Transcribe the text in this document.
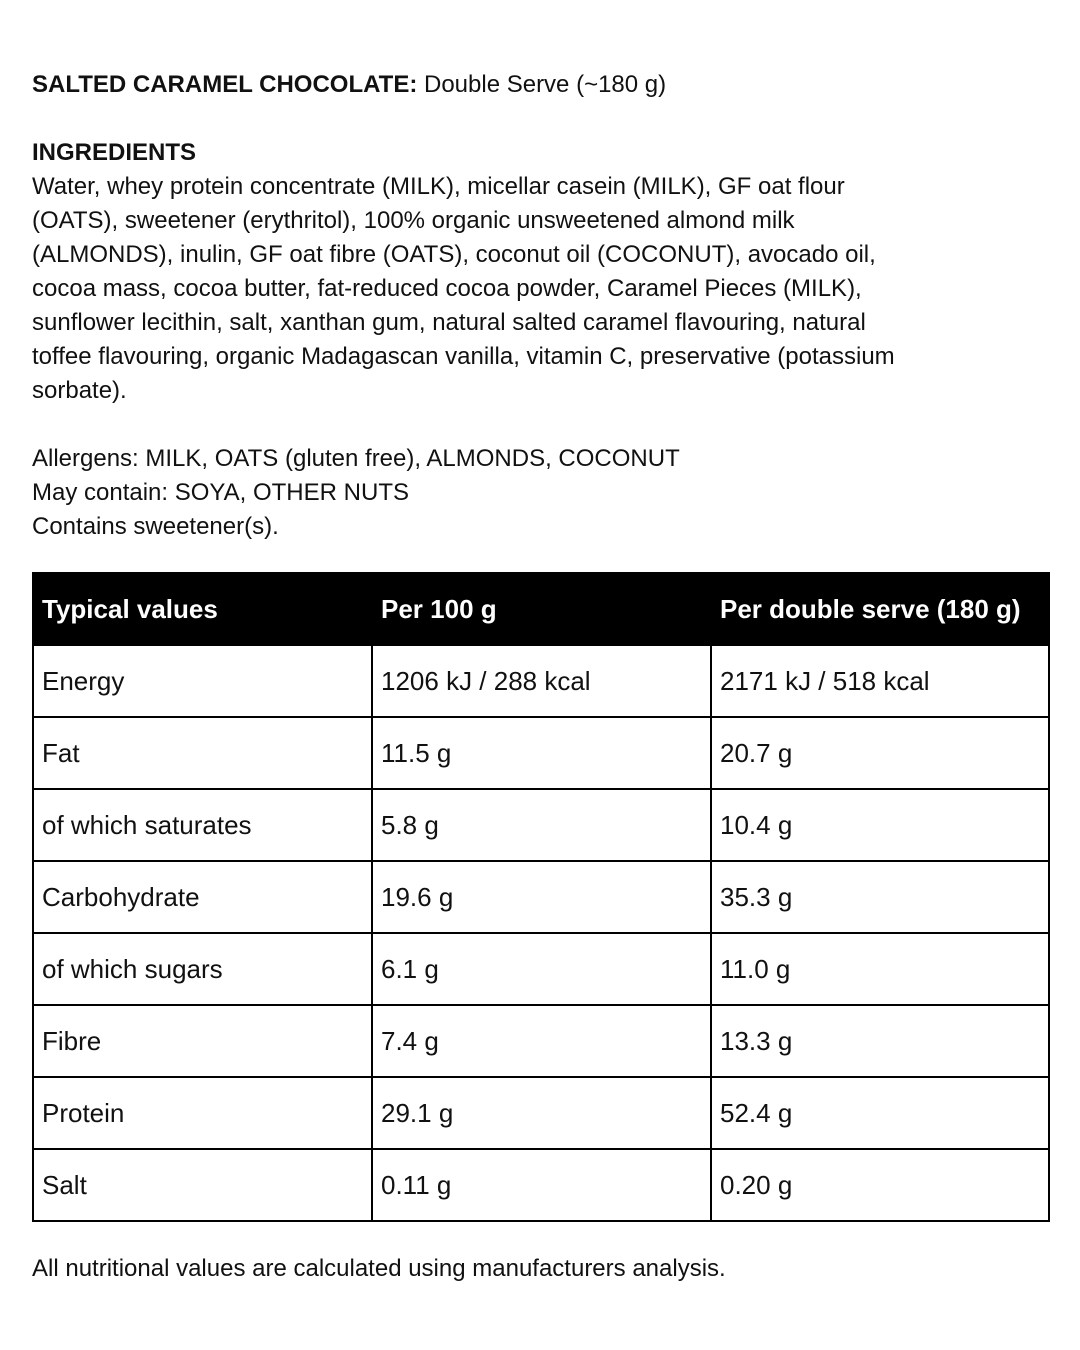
SALTED CARAMEL CHOCOLATE: Double Serve (~180 g)
INGREDIENTS
Water, whey protein concentrate (MILK), micellar casein (MILK), GF oat flour (OATS), sweetener (erythritol), 100% organic unsweetened almond milk (ALMONDS), inulin, GF oat fibre (OATS), coconut oil (COCONUT), avocado oil, cocoa mass, cocoa butter, fat-reduced cocoa powder, Caramel Pieces (MILK), sunflower lecithin, salt, xanthan gum, natural salted caramel flavouring, natural toffee flavouring, organic Madagascan vanilla, vitamin C, preservative (potassium sorbate).
Allergens: MILK, OATS (gluten free), ALMONDS, COCONUT
May contain: SOYA, OTHER NUTS
Contains sweetener(s).
Typical values	Per 100 g	Per double serve (180 g)
Energy	1206 kJ / 288 kcal	2171 kJ / 518 kcal
Fat	11.5 g	20.7 g
of which saturates	5.8 g	10.4 g
Carbohydrate	19.6 g	35.3 g
of which sugars	6.1 g	11.0 g
Fibre	7.4 g	13.3 g
Protein	29.1 g	52.4 g
Salt	0.11 g	0.20 g
All nutritional values are calculated using manufacturers analysis.
